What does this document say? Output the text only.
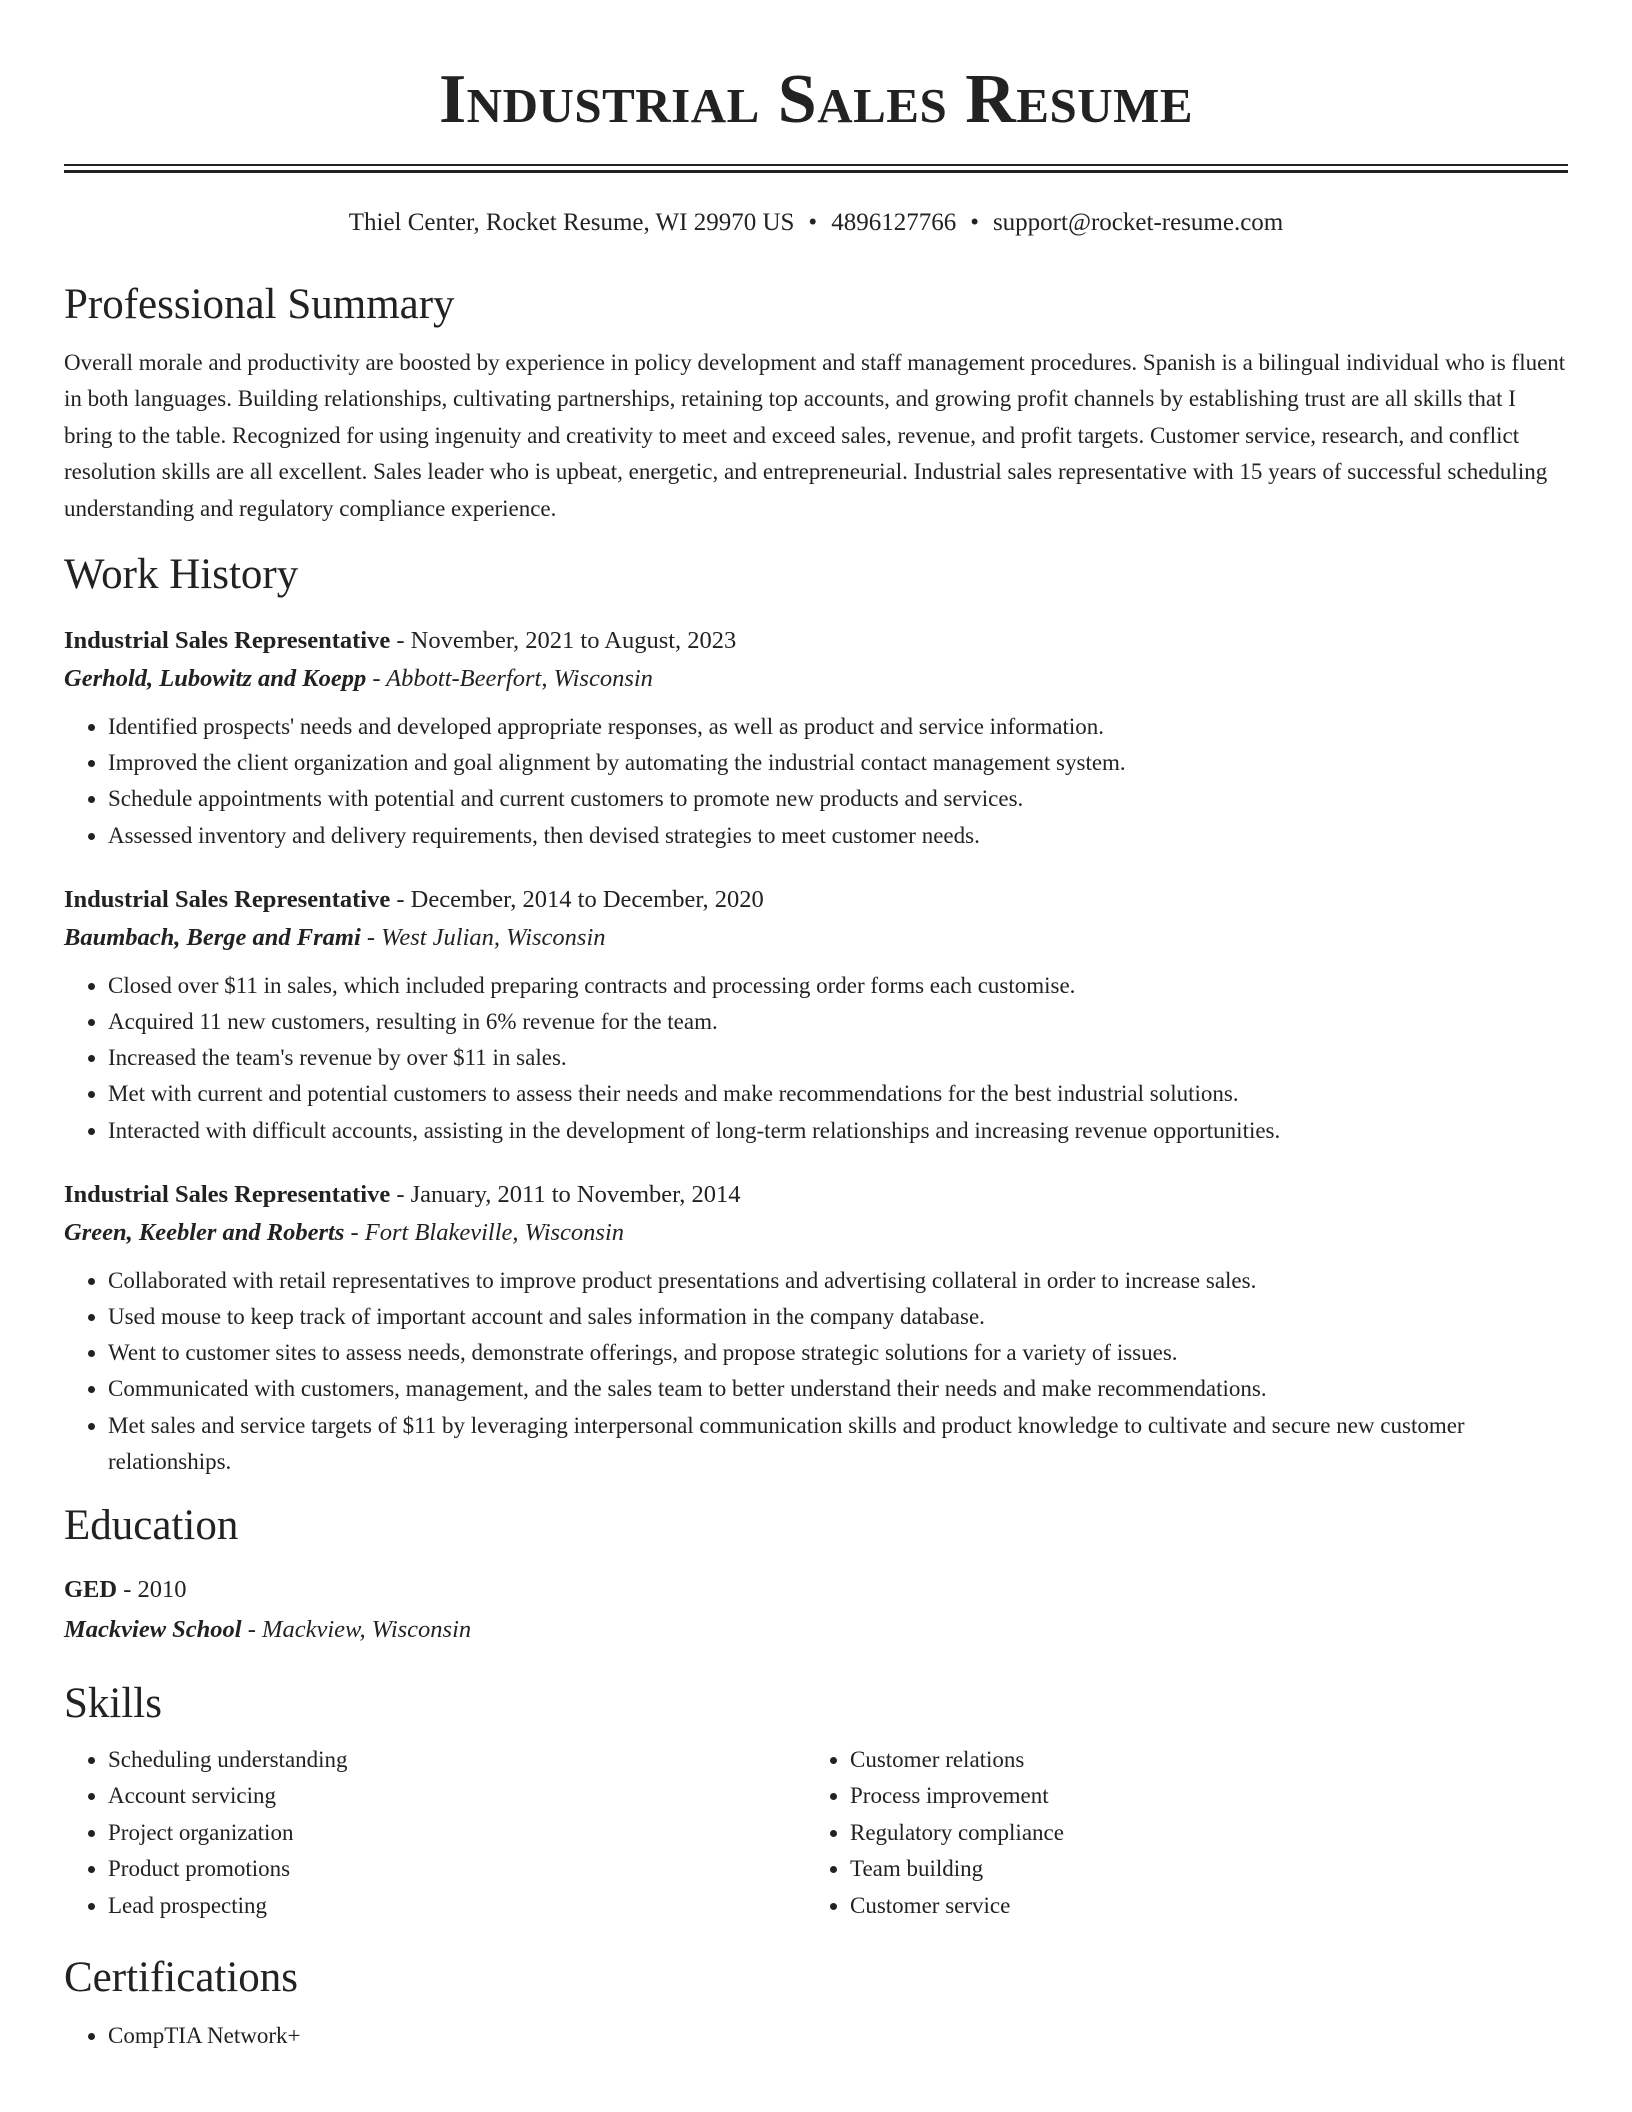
Industrial Sales Resume
Thiel Center, Rocket Resume, WI 29970 US • 4896127766 • support@rocket-resume.com
Professional Summary

Overall morale and productivity are boosted by experience in policy development and staff management procedures. Spanish is a bilingual individual who is fluent in both languages. Building relationships, cultivating partnerships, retaining top accounts, and growing profit channels by establishing trust are all skills that I bring to the table. Recognized for using ingenuity and creativity to meet and exceed sales, revenue, and profit targets. Customer service, research, and conflict resolution skills are all excellent. Sales leader who is upbeat, energetic, and entrepreneurial. Industrial sales representative with 15 years of successful scheduling understanding and regulatory compliance experience.

Work History
Industrial Sales Representative - November, 2021 to August, 2023
Gerhold, Lubowitz and Koepp - Abbott-Beerfort, Wisconsin
• Identified prospects' needs and developed appropriate responses, as well as product and service information.
• Improved the client organization and goal alignment by automating the industrial contact management system.
• Schedule appointments with potential and current customers to promote new products and services.
• Assessed inventory and delivery requirements, then devised strategies to meet customer needs.
Industrial Sales Representative - December, 2014 to December, 2020
Baumbach, Berge and Frami - West Julian, Wisconsin
• Closed over $11 in sales, which included preparing contracts and processing order forms each customise.
• Acquired 11 new customers, resulting in 6% revenue for the team.
• Increased the team's revenue by over $11 in sales.
• Met with current and potential customers to assess their needs and make recommendations for the best industrial solutions.
• Interacted with difficult accounts, assisting in the development of long-term relationships and increasing revenue opportunities.
Industrial Sales Representative - January, 2011 to November, 2014
Green, Keebler and Roberts - Fort Blakeville, Wisconsin
• Collaborated with retail representatives to improve product presentations and advertising collateral in order to increase sales.
• Used mouse to keep track of important account and sales information in the company database.
• Went to customer sites to assess needs, demonstrate offerings, and propose strategic solutions for a variety of issues.
• Communicated with customers, management, and the sales team to better understand their needs and make recommendations.
• Met sales and service targets of $11 by leveraging interpersonal communication skills and product knowledge to cultivate and secure new customer relationships.
Education
GED - 2010
Mackview School - Mackview, Wisconsin
Skills
• Scheduling understanding
• Account servicing
• Project organization
• Product promotions
• Lead prospecting
• Customer relations
• Process improvement
• Regulatory compliance
• Team building
• Customer service
Certifications
• CompTIA Network+
